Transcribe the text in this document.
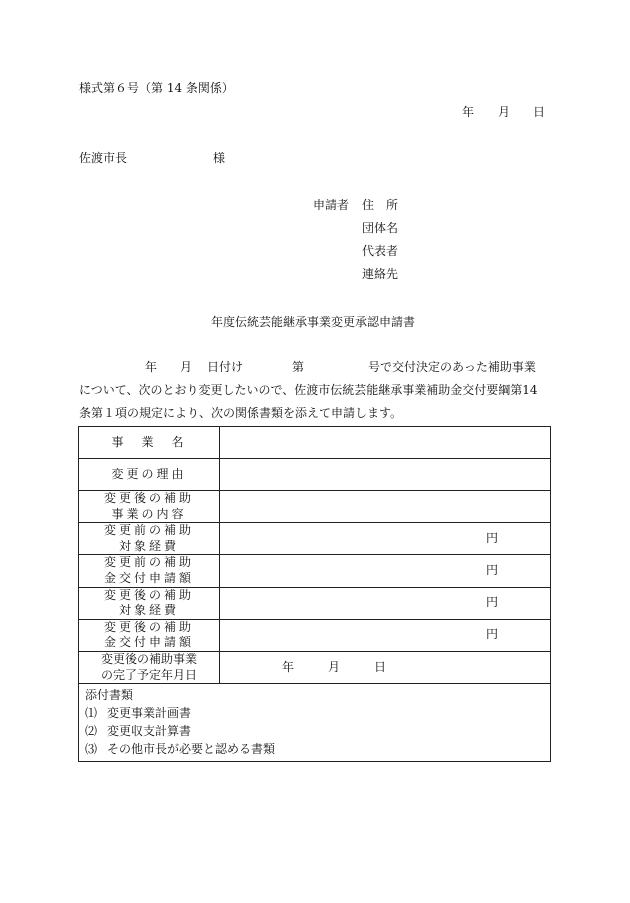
様式第６号（第 14 条関係）
年 月 日
佐渡市長	様
申請者 住　所
団体名
代表者
連絡先
年度伝統芸能継承事業変更承認申請書
年 月 日付け	第	号で交付決定のあった補助事業
について、次のとおり変更したいので、佐渡市伝統芸能継承事業補助金交付要綱第14
条第１項の規定により、次の関係書類を添えて申請します。
事　業　名	
変更の理由	

変更後の補助
事業の内容	

変更前の補助
対象経費	円

変更前の補助
金交付申請額	円

変更後の補助
対象経費	円

変更後の補助
金交付申請額	円

変更後の補助事業
の完了予定年月日	年 月 日

添付書類
⑴ 変更事業計画書
⑵ 変更収支計算書
⑶ その他市長が必要と認める書類	
